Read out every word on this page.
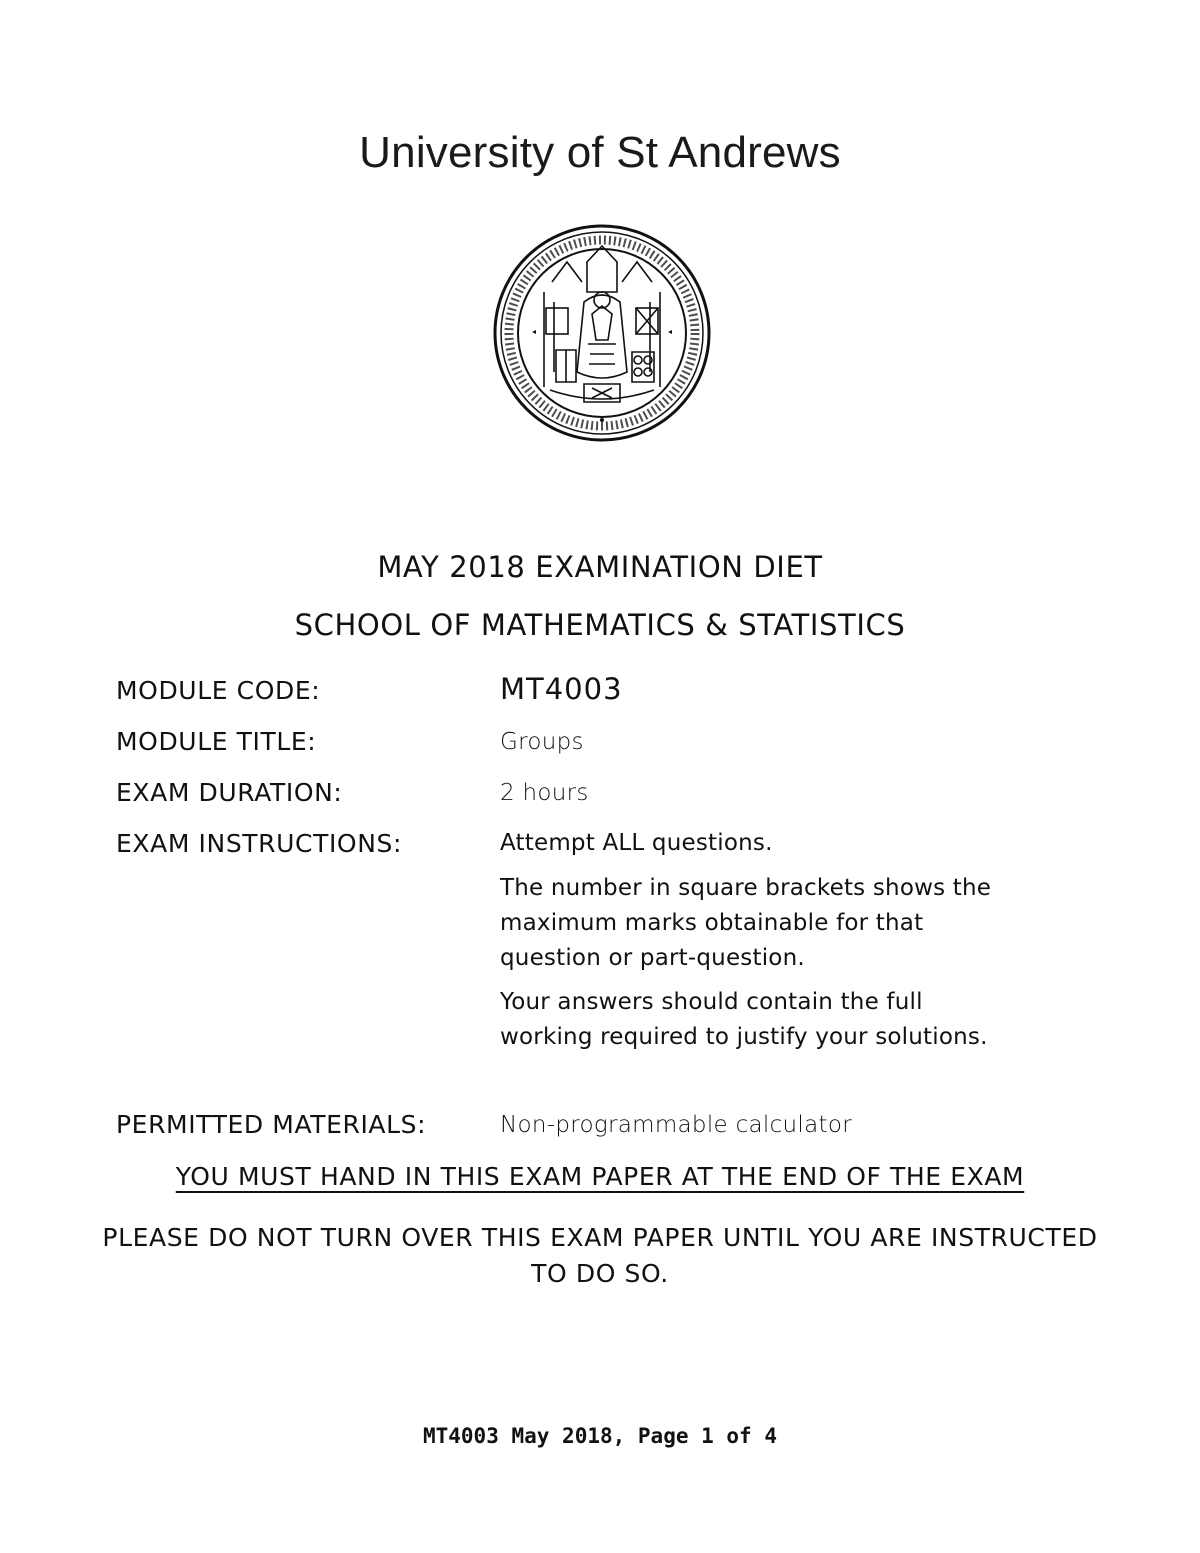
University of St Andrews
MAY 2018 EXAMINATION DIET
SCHOOL OF MATHEMATICS & STATISTICS
MODULE CODE:	MT4003
MODULE TITLE:	Groups
EXAM DURATION:	2 hours
EXAM INSTRUCTIONS:	Attempt ALL questions.
The number in square brackets shows the maximum marks obtainable for that question or part-question.
Your answers should contain the full working required to justify your solutions.
PERMITTED MATERIALS:	Non-programmable calculator
YOU MUST HAND IN THIS EXAM PAPER AT THE END OF THE EXAM
PLEASE DO NOT TURN OVER THIS EXAM PAPER UNTIL YOU ARE INSTRUCTED TO DO SO.
MT4003 May 2018, Page 1 of 4
